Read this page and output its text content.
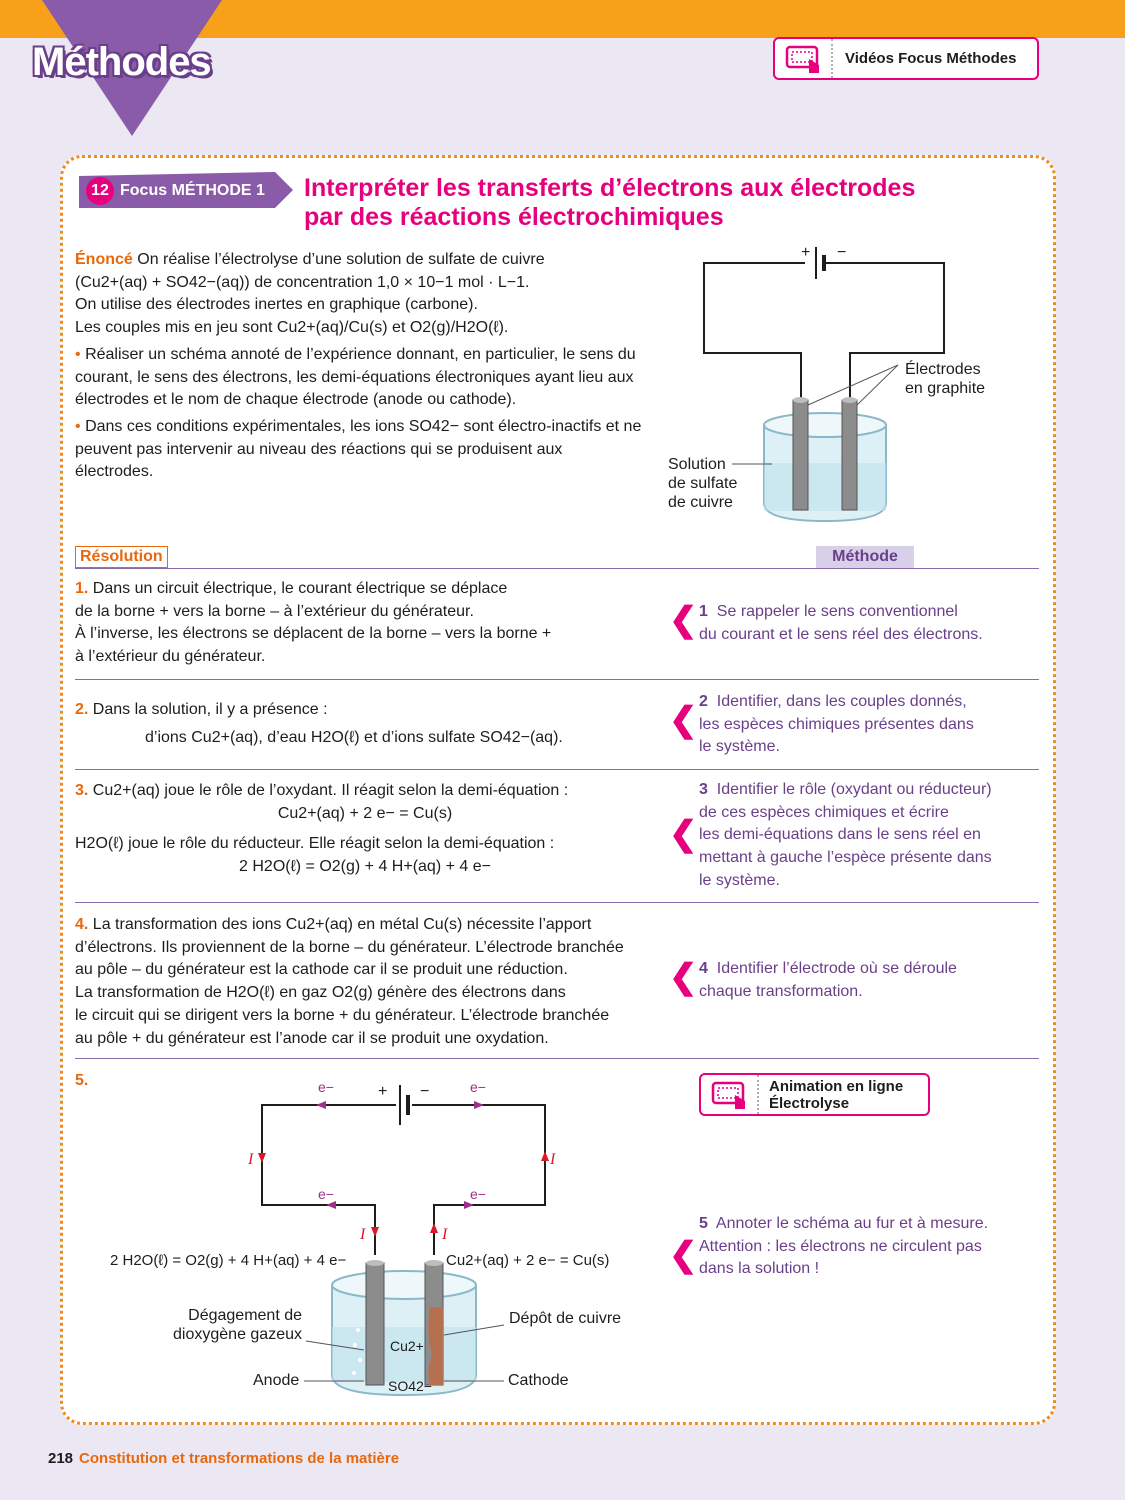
Méthodes	Vidéos Focus Méthodes
12 Focus MÉTHODE 1 Interpréter les transferts d’électrons aux électrodes
par des réactions électrochimiques
Énoncé On réalise l’électrolyse d’une solution de sulfate de cuivre
(Cu2+(aq) + SO42−(aq)) de concentration 1,0 × 10−1 mol · L−1.
On utilise des électrodes inertes en graphique (carbone).
Les couples mis en jeu sont Cu2+(aq)/Cu(s) et O2(g)/H2O(ℓ).
• Réaliser un schéma annoté de l’expérience donnant, en particulier, le sens du courant, le sens des électrons, les demi-équations électroniques ayant lieu aux électrodes et le nom de chaque électrode (anode ou cathode).
• Dans ces conditions expérimentales, les ions SO42− sont électro-inactifs et ne peuvent pas intervenir au niveau des réactions qui se produisent aux électrodes.
+ −
Électrodes
en graphite
Solution
de sulfate
de cuivre
Résolution	Méthode
1. Dans un circuit électrique, le courant électrique se déplace
de la borne + vers la borne – à l’extérieur du générateur.
À l’inverse, les électrons se déplacent de la borne – vers la borne +
à l’extérieur du générateur.
❮ 1 Se rappeler le sens conventionnel
du courant et le sens réel des électrons.
2. Dans la solution, il y a présence :
d’ions Cu2+(aq), d’eau H2O(ℓ) et d’ions sulfate SO42−(aq).	❮ 2 Identifier, dans les couples donnés,
les espèces chimiques présentes dans
le système.
3. Cu2+(aq) joue le rôle de l’oxydant. Il réagit selon la demi-équation :
Cu2+(aq) + 2 e− = Cu(s)
H2O(ℓ) joue le rôle du réducteur. Elle réagit selon la demi-équation :
2 H2O(ℓ) = O2(g) + 4 H+(aq) + 4 e−
❮
3 Identifier le rôle (oxydant ou réducteur)
de ces espèces chimiques et écrire
les demi-équations dans le sens réel en
mettant à gauche l’espèce présente dans
le système.
4. La transformation des ions Cu2+(aq) en métal Cu(s) nécessite l’apport
d’électrons. Ils proviennent de la borne – du générateur. L’électrode branchée
au pôle – du générateur est la cathode car il se produit une réduction.
La transformation de H2O(ℓ) en gaz O2(g) génère des électrons dans
le circuit qui se dirigent vers la borne + du générateur. L’électrode branchée
au pôle + du générateur est l’anode car il se produit une oxydation.
❮ 4 Identifier l’électrode où se déroule
chaque transformation.
5.	e−	e−
e−	e−
+ −
I	I
I	I
2 H2O(ℓ) = O2(g) + 4 H+(aq) + 4 e−	Cu2+(aq) + 2 e− = Cu(s)
Dégagement de
dioxygène gazeux
Dépôt de cuivre
Anode	Cathode
Cu2+
SO42−
Animation en ligne
Électrolyse
❮
5 Annoter le schéma au fur et à mesure.
Attention : les électrons ne circulent pas
dans la solution !
218 Constitution et transformations de la matière
